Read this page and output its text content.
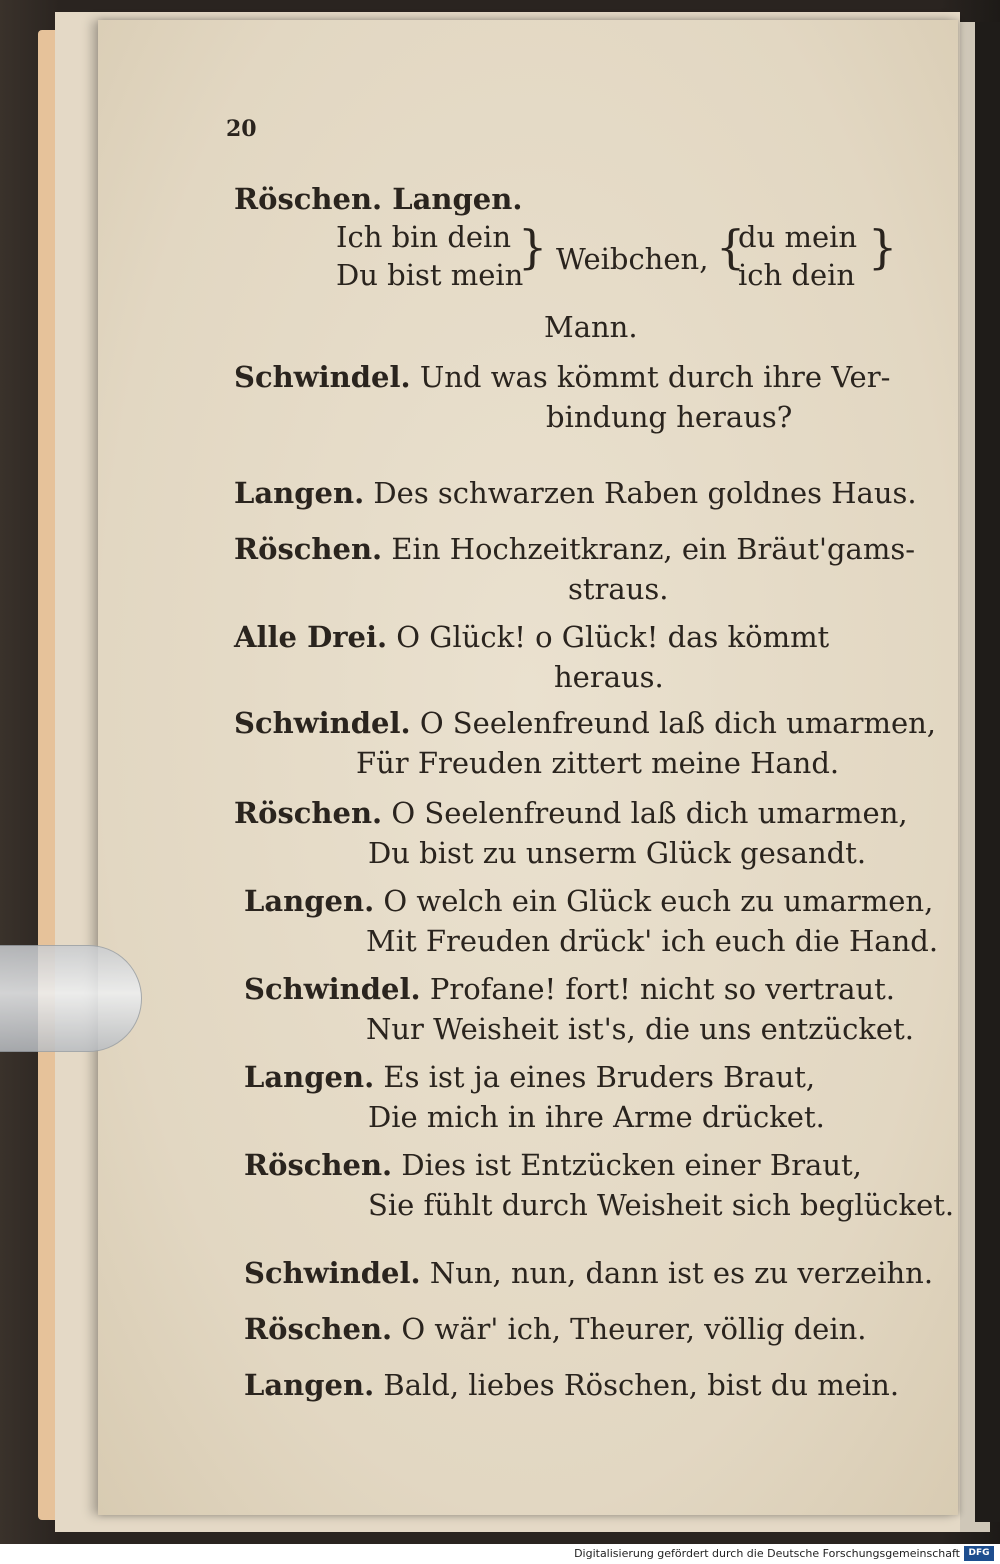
20
Röschen. Langen.
Ich bin dein
Du bist mein
} Weibchen, {
du mein
ich dein
}
Mann.
Schwindel. Und was kömmt durch ihre Ver-
bindung heraus?
Langen. Des schwarzen Raben goldnes Haus.
Röschen. Ein Hochzeitkranz, ein Bräut'gams-
straus.
Alle Drei. O Glück! o Glück! das kömmt
heraus.
Schwindel. O Seelenfreund laß dich umarmen,
Für Freuden zittert meine Hand.
Röschen. O Seelenfreund laß dich umarmen,
Du bist zu unserm Glück gesandt.
Langen. O welch ein Glück euch zu umarmen,
Mit Freuden drück' ich euch die Hand.
Schwindel. Profane! fort! nicht so vertraut.
Nur Weisheit ist's, die uns entzücket.
Langen. Es ist ja eines Bruders Braut,
Die mich in ihre Arme drücket.
Röschen. Dies ist Entzücken einer Braut,
Sie fühlt durch Weisheit sich beglücket.
Schwindel. Nun, nun, dann ist es zu verzeihn.
Röschen. O wär' ich, Theurer, völlig dein.
Langen. Bald, liebes Röschen, bist du mein.
Digitalisierung gefördert durch die Deutsche Forschungsgemeinschaft DFG
